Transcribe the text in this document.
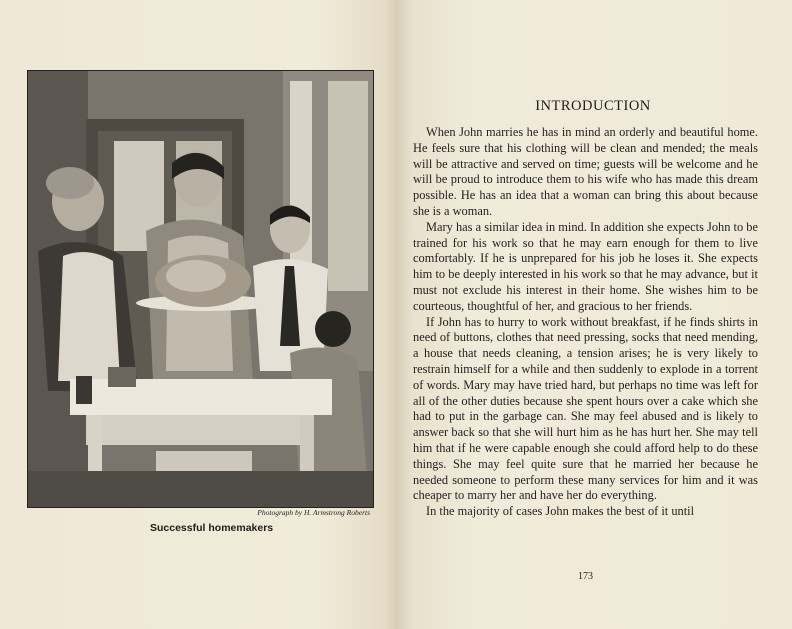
Photograph by H. Armstrong Roberts
Successful homemakers
INTRODUCTION

When John marries he has in mind an orderly and beautiful home. He feels sure that his clothing will be clean and mended; the meals will be attractive and served on time; guests will be welcome and he will be proud to introduce them to his wife who has made this dream possible. He has an idea that a woman can bring this about because she is a woman.

Mary has a similar idea in mind. In addition she expects John to be trained for his work so that he may earn enough for them to live comfortably. If he is unprepared for his job he loses it. She expects him to be deeply interested in his work so that he may advance, but it must not exclude his interest in their home. She wishes him to be courteous, thoughtful of her, and gracious to her friends.

If John has to hurry to work without breakfast, if he finds shirts in need of buttons, clothes that need pressing, socks that need mending, a house that needs cleaning, a tension arises; he is very likely to restrain himself for a while and then suddenly to explode in a torrent of words. Mary may have tried hard, but perhaps no time was left for all of the other duties because she spent hours over a cake which she had to put in the garbage can. She may feel abused and is likely to answer back so that she will hurt him as he has hurt her. She may tell him that if he were capable enough she could afford help to do these things. She may feel quite sure that he married her because he needed someone to perform these many services for him and it was cheaper to marry her and have her do everything.

In the majority of cases John makes the best of it until

173
